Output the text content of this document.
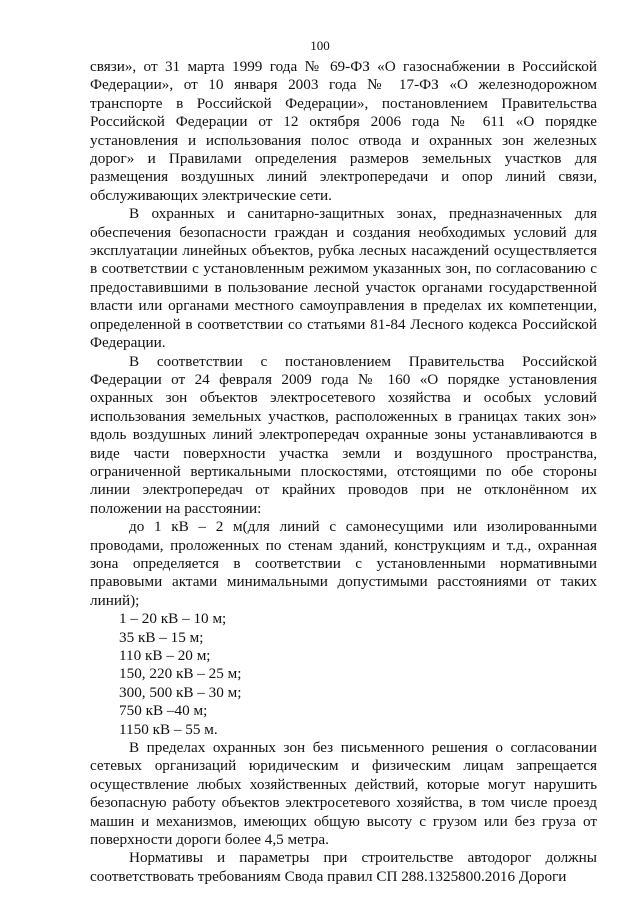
100

связи», от 31 марта 1999 года № 69-ФЗ «О газоснабжении в Российской Федерации», от 10 января 2003 года № 17-ФЗ «О железнодорожном транспорте в Российской Федерации», постановлением Правительства Российской Федерации от 12 октября 2006 года № 611 «О порядке установления и использования полос отвода и охранных зон железных дорог» и Правилами определения размеров земельных участков для размещения воздушных линий электропередачи и опор линий связи, обслуживающих электрические сети.

В охранных и санитарно-защитных зонах, предназначенных для обеспечения безопасности граждан и создания необходимых условий для эксплуатации линейных объектов, рубка лесных насаждений осуществляется в соответствии с установленным режимом указанных зон, по согласованию с предоставившими в пользование лесной участок органами государственной власти или органами местного самоуправления в пределах их компетенции, определенной в соответствии со статьями 81-84 Лесного кодекса Российской Федерации.

В соответствии с постановлением Правительства Российской Федерации от 24 февраля 2009 года № 160 «О порядке установления охранных зон объектов электросетевого хозяйства и особых условий использования земельных участков, расположенных в границах таких зон» вдоль воздушных линий электропередач охранные зоны устанавливаются в виде части поверхности участка земли и воздушного пространства, ограниченной вертикальными плоскостями, отстоящими по обе стороны линии электропередач от крайних проводов при не отклонённом их положении на расстоянии:

до 1 кВ – 2 м(для линий с самонесущими или изолированными проводами, проложенных по стенам зданий, конструкциям и т.д., охранная зона определяется в соответствии с установленными нормативными правовыми актами минимальными допустимыми расстояниями от таких линий);

1 – 20 кВ – 10 м;
35 кВ – 15 м;
110 кВ – 20 м;
150, 220 кВ – 25 м;
300, 500 кВ – 30 м;
750 кВ –40 м;
1150 кВ – 55 м.

В пределах охранных зон без письменного решения о согласовании сетевых организаций юридическим и физическим лицам запрещается осуществление любых хозяйственных действий, которые могут нарушить безопасную работу объектов электросетевого хозяйства, в том числе проезд машин и механизмов, имеющих общую высоту с грузом или без груза от поверхности дороги более 4,5 метра.

Нормативы и параметры при строительстве автодорог должны соответствовать требованиям Свода правил СП 288.1325800.2016 Дороги
